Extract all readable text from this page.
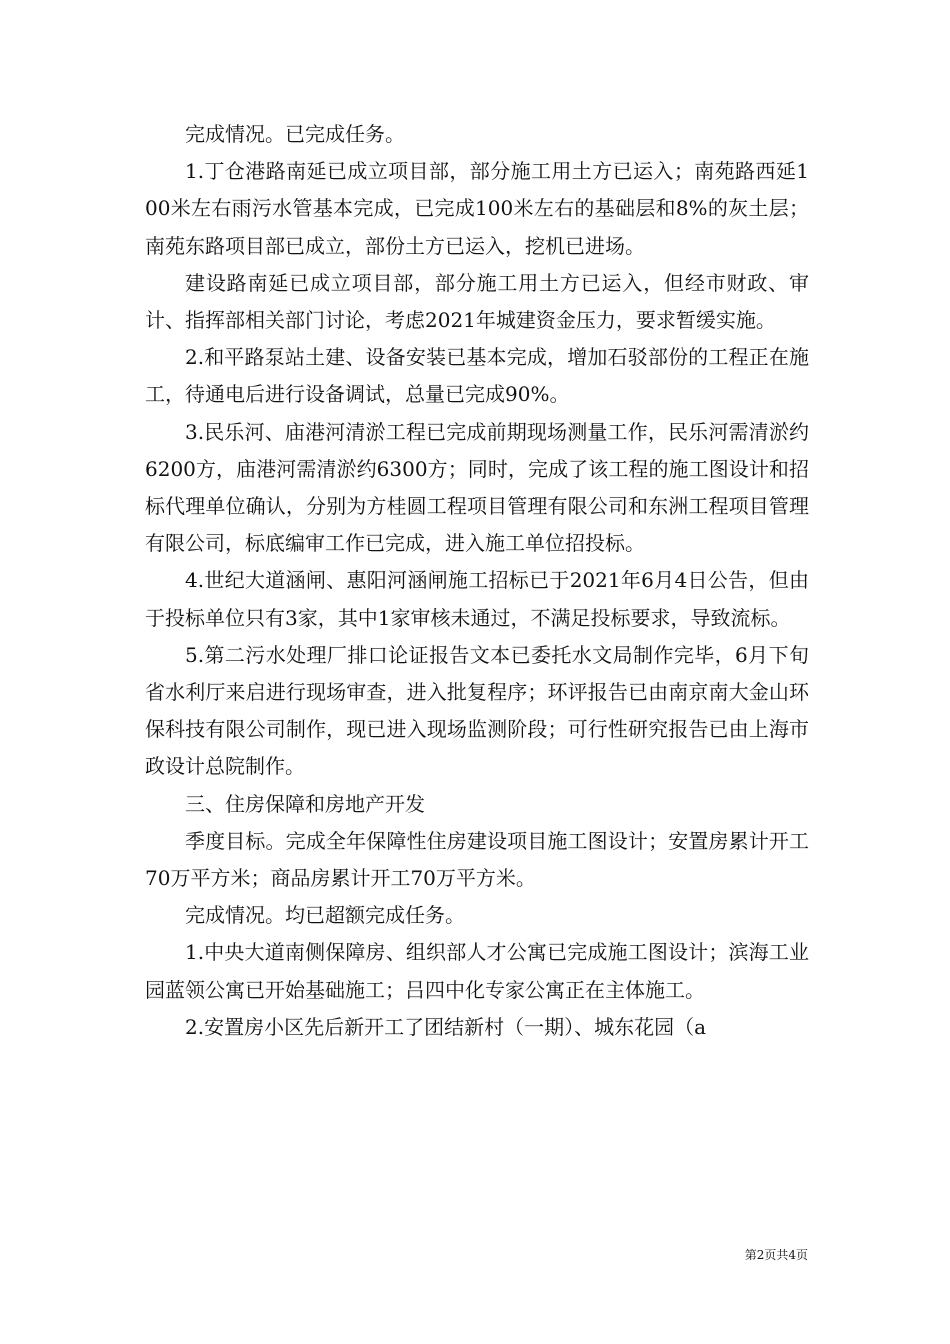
完成情况。已完成任务。

1.丁仓港路南延已成立项目部，部分施工用土方已运入；南苑路西延100米左右雨污水管基本完成，已完成100米左右的基础层和8%的灰土层；南苑东路项目部已成立，部份土方已运入，挖机已进场。

建设路南延已成立项目部，部分施工用土方已运入，但经市财政、审计、指挥部相关部门讨论，考虑2021年城建资金压力，要求暂缓实施。

2.和平路泵站土建、设备安装已基本完成，增加石驳部份的工程正在施工，待通电后进行设备调试，总量已完成90%。

3.民乐河、庙港河清淤工程已完成前期现场测量工作，民乐河需清淤约6200方，庙港河需清淤约6300方；同时，完成了该工程的施工图设计和招标代理单位确认，分别为方桂圆工程项目管理有限公司和东洲工程项目管理有限公司，标底编审工作已完成，进入施工单位招投标。

4.世纪大道涵闸、惠阳河涵闸施工招标已于2021年6月4日公告，但由于投标单位只有3家，其中1家审核未通过，不满足投标要求，导致流标。

5.第二污水处理厂排口论证报告文本已委托水文局制作完毕，6月下旬省水利厅来启进行现场审查，进入批复程序；环评报告已由南京南大金山环保科技有限公司制作，现已进入现场监测阶段；可行性研究报告已由上海市政设计总院制作。

三、住房保障和房地产开发

季度目标。完成全年保障性住房建设项目施工图设计；安置房累计开工70万平方米；商品房累计开工70万平方米。

完成情况。均已超额完成任务。

1.中央大道南侧保障房、组织部人才公寓已完成施工图设计；滨海工业园蓝领公寓已开始基础施工；吕四中化专家公寓正在主体施工。

2.安置房小区先后新开工了团结新村（一期）、城东花园（a

第2页共4页
